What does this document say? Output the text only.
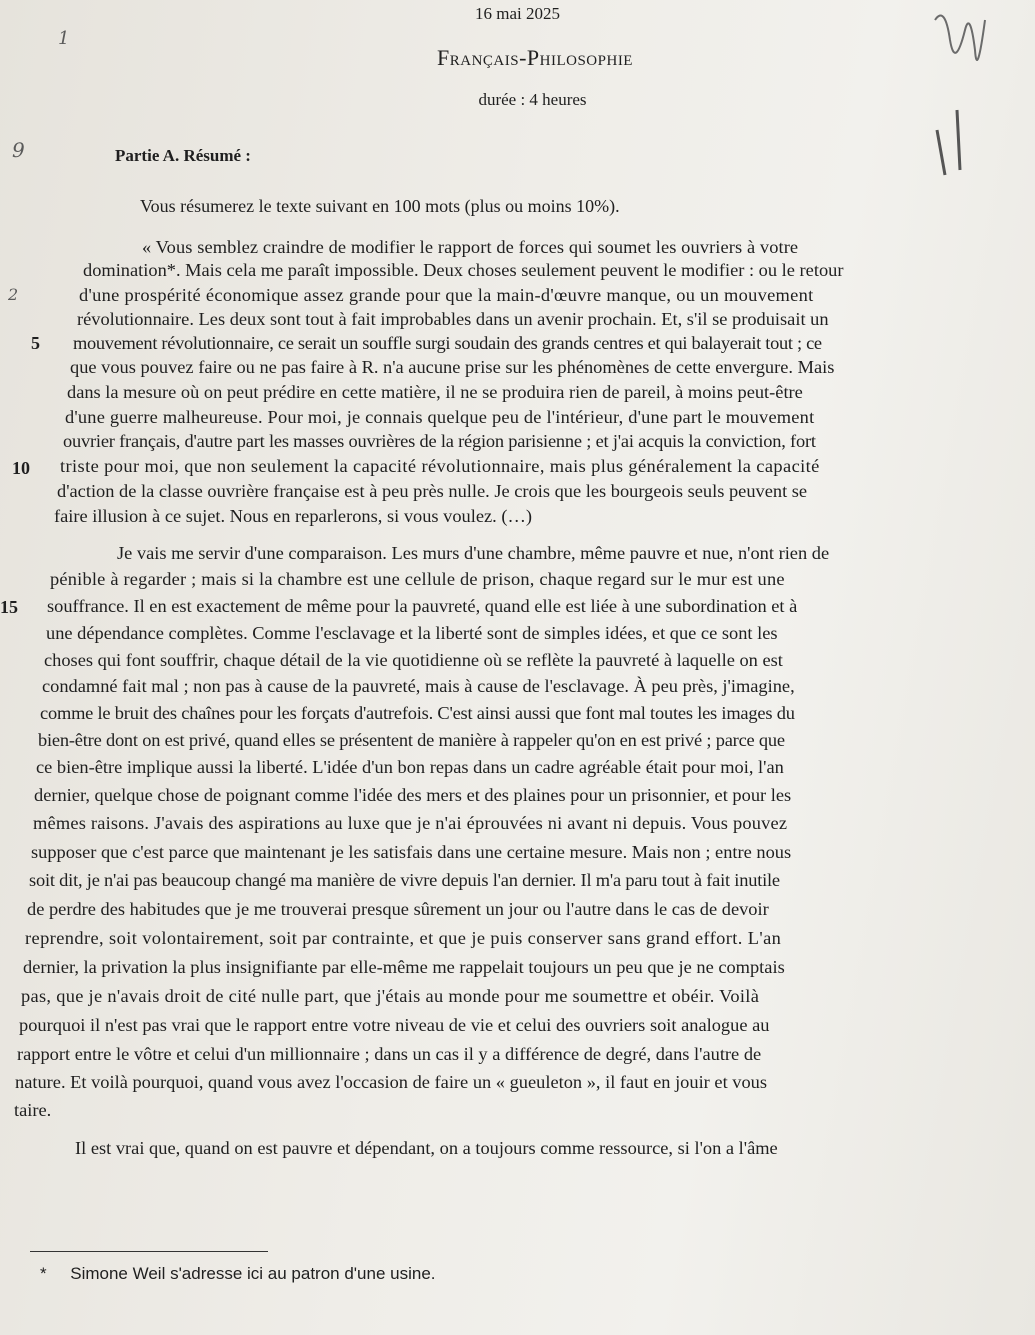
1
2
9
16 mai 2025
Français-Philosophie
durée : 4 heures
Partie A. Résumé :
Vous résumerez le texte suivant en 100 mots (plus ou moins 10%).
« Vous semblez craindre de modifier le rapport de forces qui soumet les ouvriers à votre
domination*. Mais cela me paraît impossible. Deux choses seulement peuvent le modifier : ou le retour
d'une prospérité économique assez grande pour que la main-d'œuvre manque, ou un mouvement
révolutionnaire. Les deux sont tout à fait improbables dans un avenir prochain. Et, s'il se produisait un
mouvement révolutionnaire, ce serait un souffle surgi soudain des grands centres et qui balayerait tout ; ce
que vous pouvez faire ou ne pas faire à R. n'a aucune prise sur les phénomènes de cette envergure. Mais
dans la mesure où on peut prédire en cette matière, il ne se produira rien de pareil, à moins peut-être
d'une guerre malheureuse. Pour moi, je connais quelque peu de l'intérieur, d'une part le mouvement
ouvrier français, d'autre part les masses ouvrières de la région parisienne ; et j'ai acquis la conviction, fort
triste pour moi, que non seulement la capacité révolutionnaire, mais plus généralement la capacité
d'action de la classe ouvrière française est à peu près nulle. Je crois que les bourgeois seuls peuvent se
faire illusion à ce sujet. Nous en reparlerons, si vous voulez. (…)
Je vais me servir d'une comparaison. Les murs d'une chambre, même pauvre et nue, n'ont rien de
pénible à regarder ; mais si la chambre est une cellule de prison, chaque regard sur le mur est une
souffrance. Il en est exactement de même pour la pauvreté, quand elle est liée à une subordination et à
une dépendance complètes. Comme l'esclavage et la liberté sont de simples idées, et que ce sont les
choses qui font souffrir, chaque détail de la vie quotidienne où se reflète la pauvreté à laquelle on est
condamné fait mal ; non pas à cause de la pauvreté, mais à cause de l'esclavage. À peu près, j'imagine,
comme le bruit des chaînes pour les forçats d'autrefois. C'est ainsi aussi que font mal toutes les images du
bien-être dont on est privé, quand elles se présentent de manière à rappeler qu'on en est privé ; parce que
ce bien-être implique aussi la liberté. L'idée d'un bon repas dans un cadre agréable était pour moi, l'an
dernier, quelque chose de poignant comme l'idée des mers et des plaines pour un prisonnier, et pour les
mêmes raisons. J'avais des aspirations au luxe que je n'ai éprouvées ni avant ni depuis. Vous pouvez
supposer que c'est parce que maintenant je les satisfais dans une certaine mesure. Mais non ; entre nous
soit dit, je n'ai pas beaucoup changé ma manière de vivre depuis l'an dernier. Il m'a paru tout à fait inutile
de perdre des habitudes que je me trouverai presque sûrement un jour ou l'autre dans le cas de devoir
reprendre, soit volontairement, soit par contrainte, et que je puis conserver sans grand effort. L'an
dernier, la privation la plus insignifiante par elle-même me rappelait toujours un peu que je ne comptais
pas, que je n'avais droit de cité nulle part, que j'étais au monde pour me soumettre et obéir. Voilà
pourquoi il n'est pas vrai que le rapport entre votre niveau de vie et celui des ouvriers soit analogue au
rapport entre le vôtre et celui d'un millionnaire ; dans un cas il y a différence de degré, dans l'autre de
nature. Et voilà pourquoi, quand vous avez l'occasion de faire un « gueuleton », il faut en jouir et vous
taire.
Il est vrai que, quand on est pauvre et dépendant, on a toujours comme ressource, si l'on a l'âme
5
10
15
*     Simone Weil s'adresse ici au patron d'une usine.
